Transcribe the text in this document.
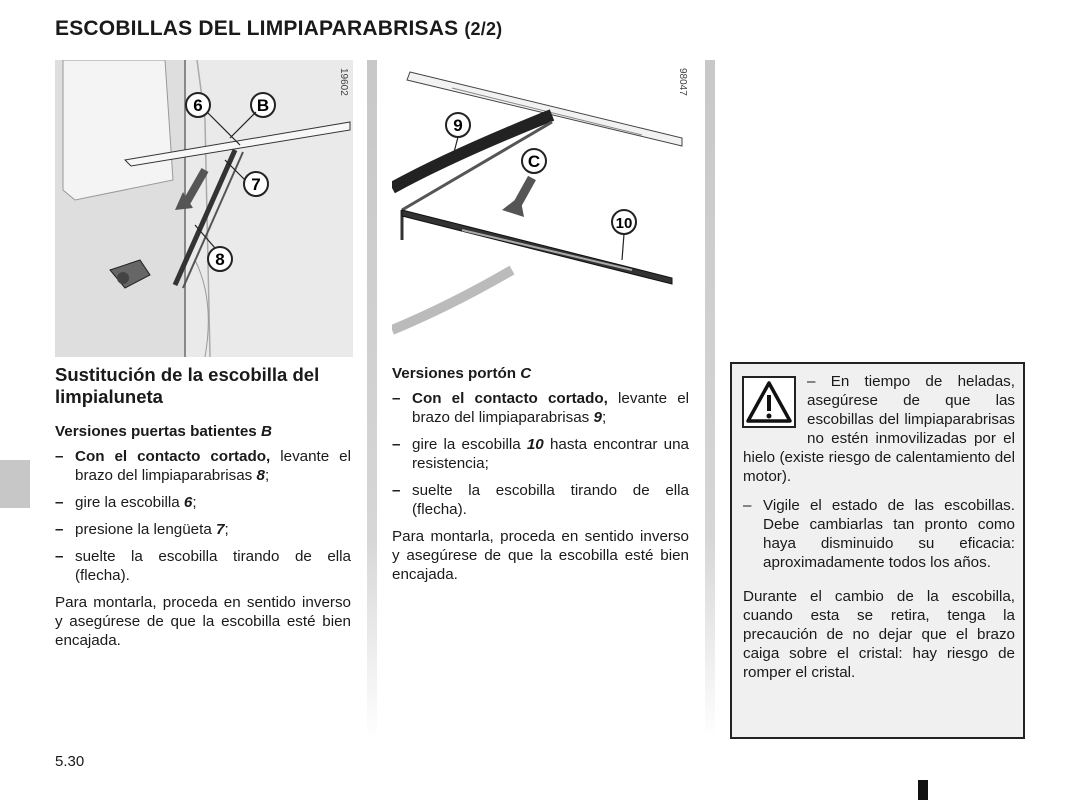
ESCOBILLAS DEL LIMPIAPARABRISAS (2/2)
6	B
7
8
19602
9
C
10
98047
Sustitución de la escobilla del limpialuneta

Versiones puertas batientes B

– Con el contacto cortado, levante el brazo del limpiaparabrisas 8;
– gire la escobilla 6;
– presione la lengüeta 7;
– suelte la escobilla tirando de ella (flecha).

Para montarla, proceda en sentido inverso y asegúrese de que la escobilla esté bien encajada.

Versiones portón C

– Con el contacto cortado, levante el brazo del limpiaparabrisas 9;
– gire la escobilla 10 hasta encontrar una resistencia;
– suelte la escobilla tirando de ella (flecha).

Para montarla, proceda en sentido inverso y asegúrese de que la escobilla esté bien encajada.

– En tiempo de heladas, asegúrese de que las escobillas del limpiaparabrisas no estén inmovilizadas por el hielo (existe riesgo de calentamiento del motor).

– Vigile el estado de las escobillas. Debe cambiarlas tan pronto como haya disminuido su eficacia: aproximadamente todos los años.

Durante el cambio de la escobilla, cuando esta se retira, tenga la precaución de no dejar que el brazo caiga sobre el cristal: hay riesgo de romper el cristal.

5.30
